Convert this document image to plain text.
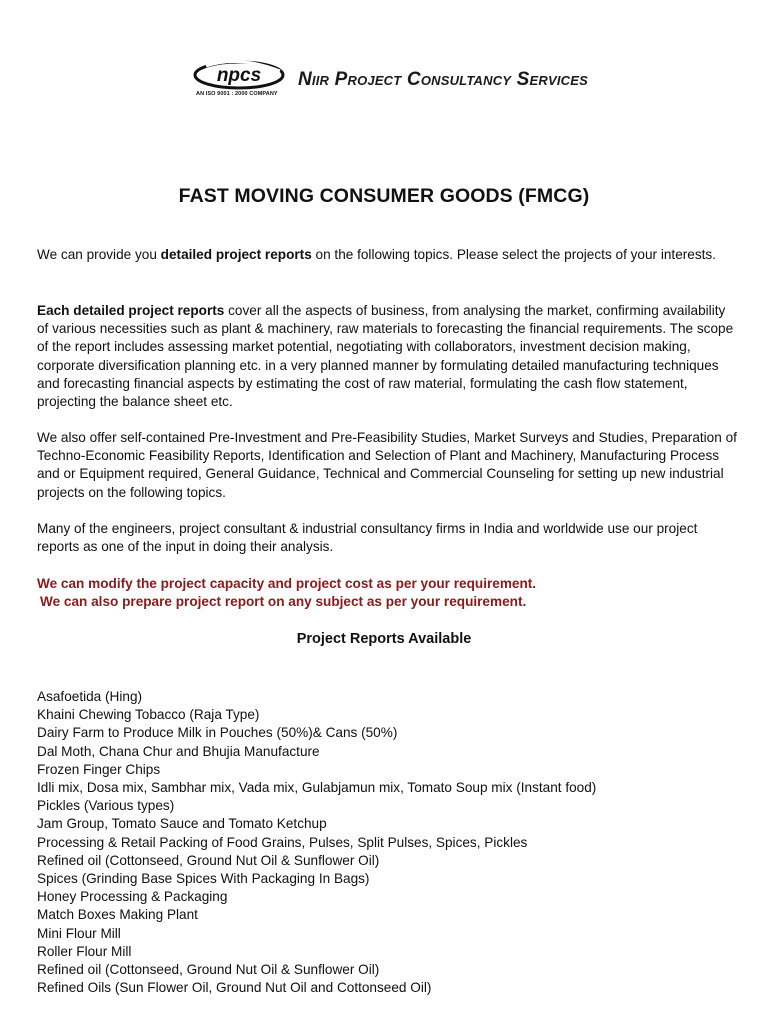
npcs
AN ISO 9001 : 2000 COMPANY
Niir Project Consultancy Services
FAST MOVING CONSUMER GOODS (FMCG)
We can provide you detailed project reports on the following topics. Please select the projects of your interests.
Each detailed project reports cover all the aspects of business, from analysing the market, confirming availability of various necessities such as plant & machinery, raw materials to forecasting the financial requirements. The scope of the report includes assessing market potential, negotiating with collaborators, investment decision making, corporate diversification planning etc. in a very planned manner by formulating detailed manufacturing techniques and forecasting financial aspects by estimating the cost of raw material, formulating the cash flow statement, projecting the balance sheet etc.
We also offer self-contained Pre-Investment and Pre-Feasibility Studies, Market Surveys and Studies, Preparation of Techno-Economic Feasibility Reports, Identification and Selection of Plant and Machinery, Manufacturing Process and or Equipment required, General Guidance, Technical and Commercial Counseling for setting up new industrial projects on the following topics.
Many of the engineers, project consultant & industrial consultancy firms in India and worldwide use our project reports as one of the input in doing their analysis.
We can modify the project capacity and project cost as per your requirement.
We can also prepare project report on any subject as per your requirement.
Project Reports Available
Asafoetida (Hing)
Khaini Chewing Tobacco (Raja Type)
Dairy Farm to Produce Milk in Pouches (50%)& Cans (50%)
Dal Moth, Chana Chur and Bhujia Manufacture
Frozen Finger Chips
Idli mix, Dosa mix, Sambhar mix, Vada mix, Gulabjamun mix, Tomato Soup mix (Instant food)
Pickles (Various types)
Jam Group, Tomato Sauce and Tomato Ketchup
Processing & Retail Packing of Food Grains, Pulses, Split Pulses, Spices, Pickles
Refined oil (Cottonseed, Ground Nut Oil & Sunflower Oil)
Spices (Grinding Base Spices With Packaging In Bags)
Honey Processing & Packaging
Match Boxes Making Plant
Mini Flour Mill
Roller Flour Mill
Refined oil (Cottonseed, Ground Nut Oil & Sunflower Oil)
Refined Oils (Sun Flower Oil, Ground Nut Oil and Cottonseed Oil)
